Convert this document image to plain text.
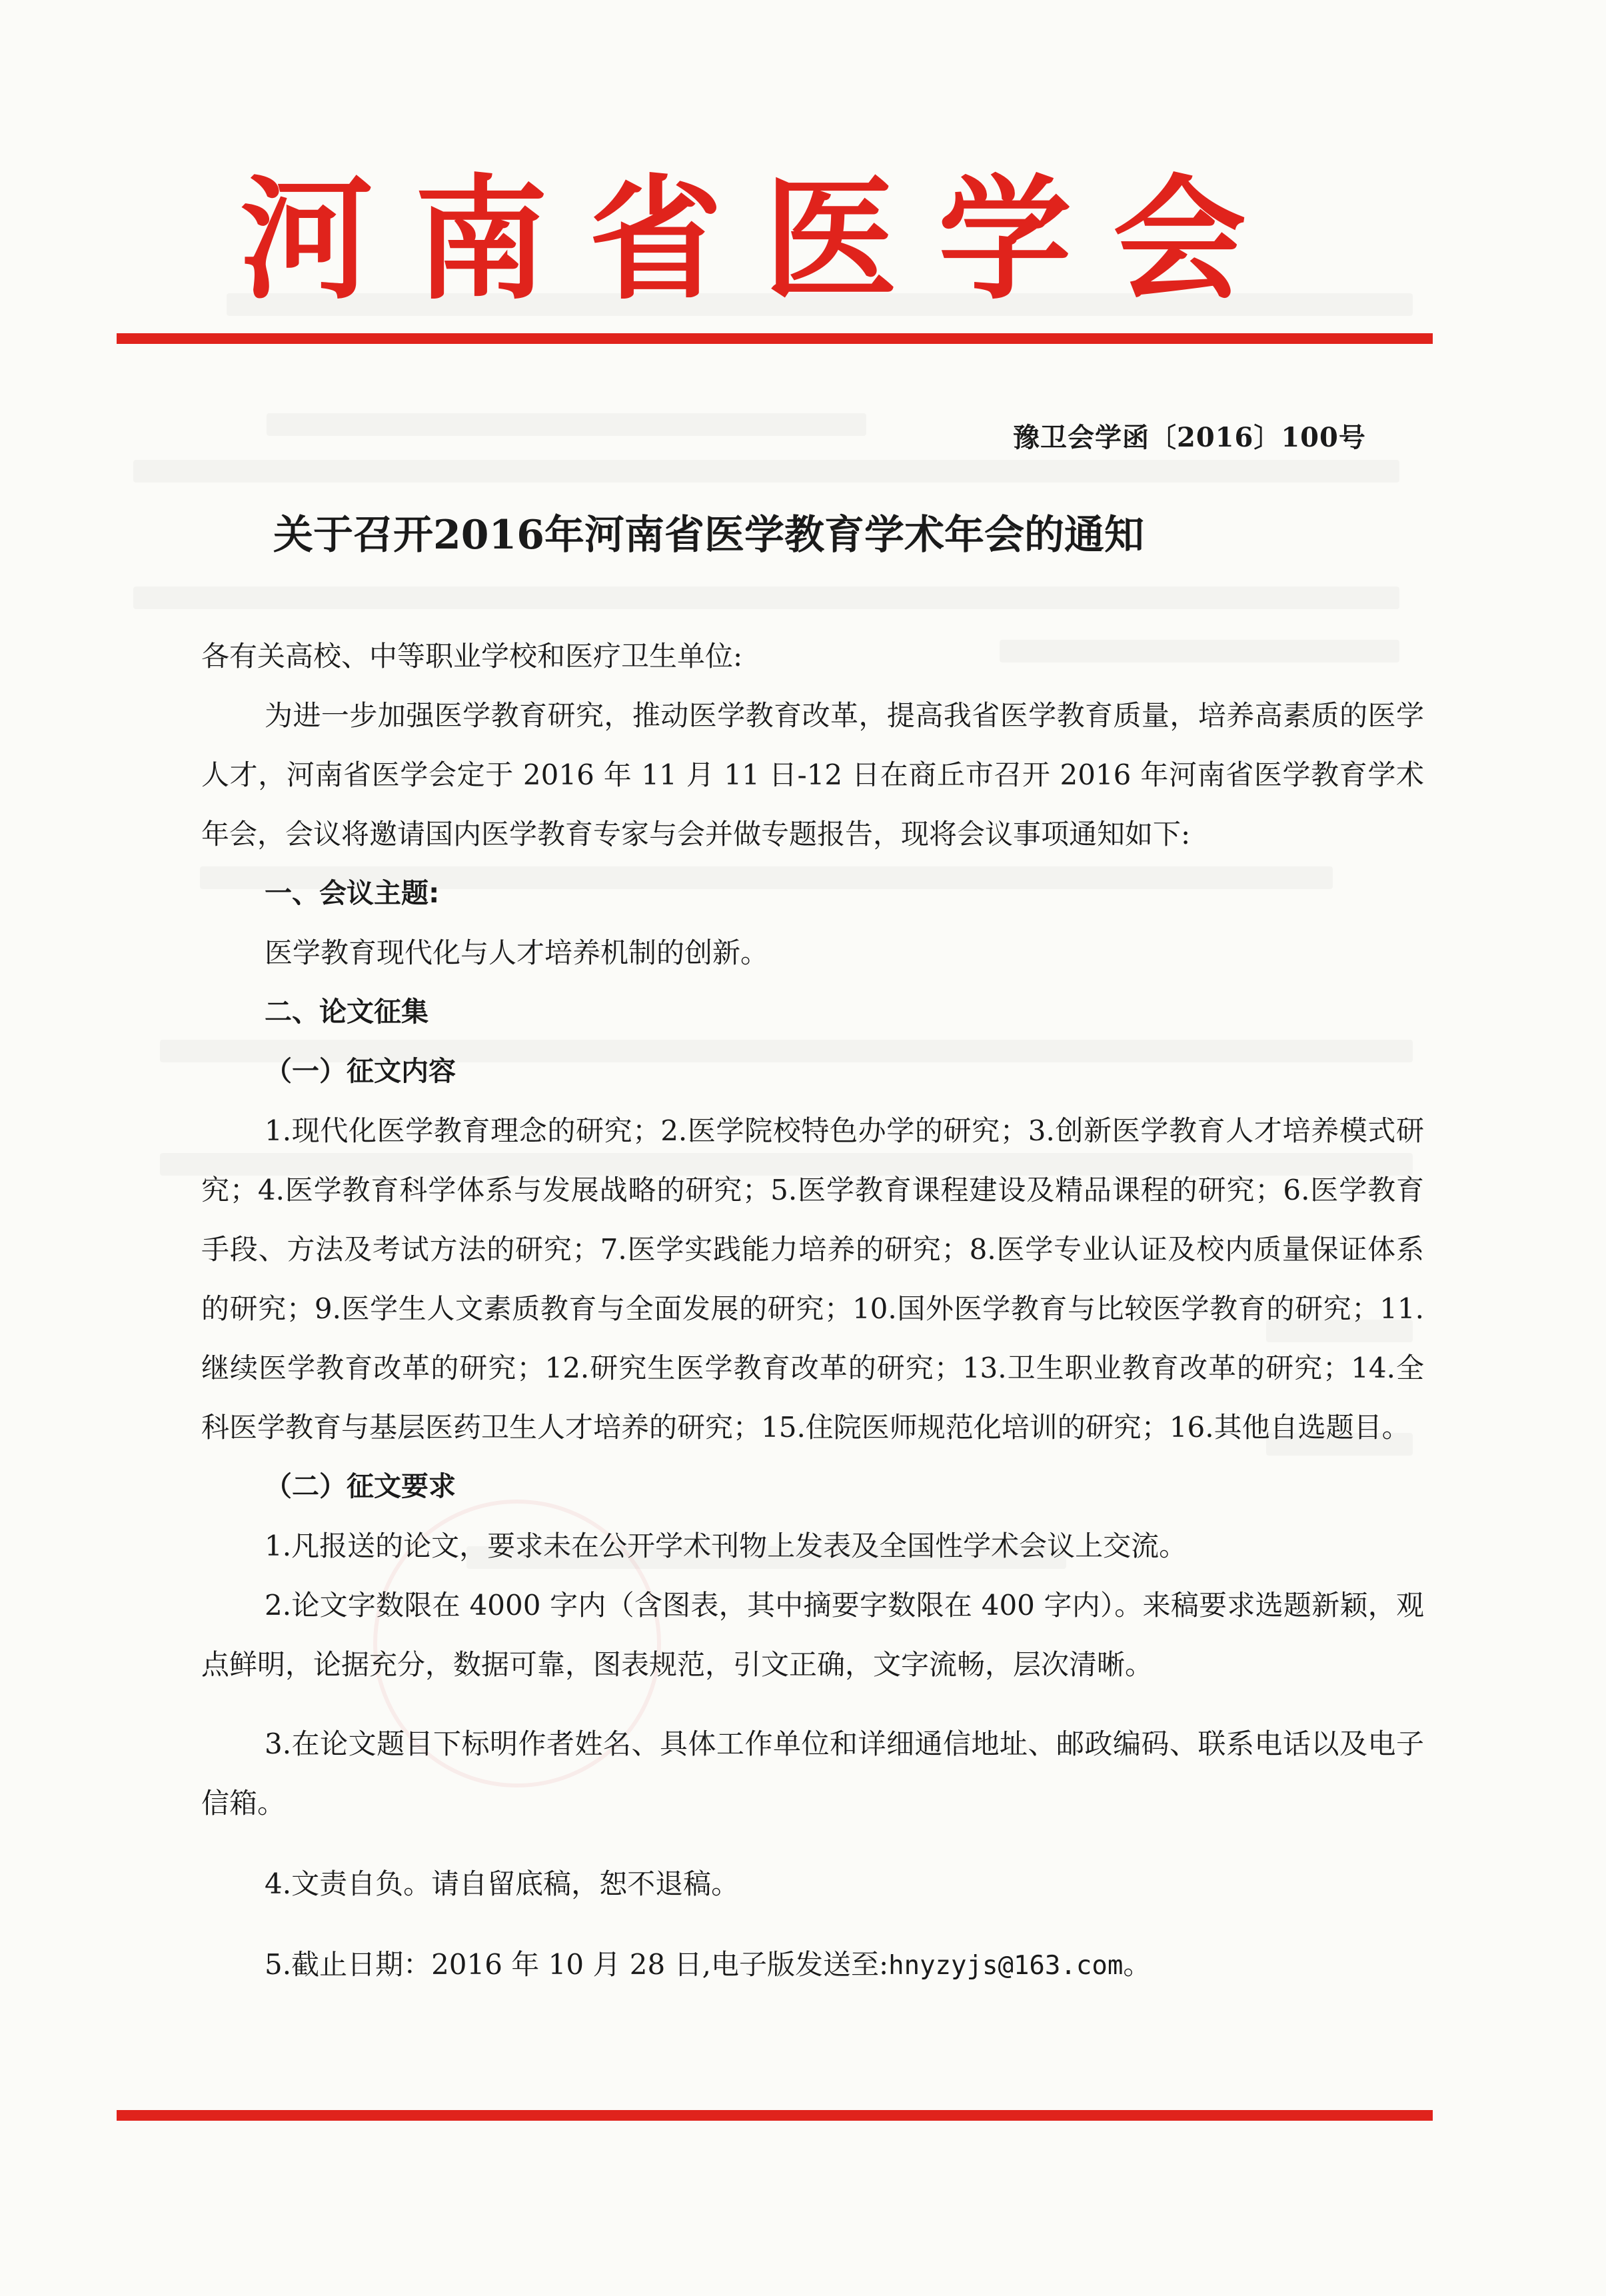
河南省医学会
豫卫会学函〔2016〕100号
关于召开2016年河南省医学教育学术年会的通知

各有关高校、中等职业学校和医疗卫生单位:

为进一步加强医学教育研究，推动医学教育改革，提高我省医学教育质量，培养高素质的医学人才，河南省医学会定于 2016 年 11 月 11 日-12 日在商丘市召开 2016 年河南省医学教育学术年会，会议将邀请国内医学教育专家与会并做专题报告，现将会议事项通知如下:

一、会议主题:

医学教育现代化与人才培养机制的创新。

二、论文征集

（一）征文内容

1.现代化医学教育理念的研究；2.医学院校特色办学的研究；3.创新医学教育人才培养模式研究；4.医学教育科学体系与发展战略的研究；5.医学教育课程建设及精品课程的研究；6.医学教育手段、方法及考试方法的研究；7.医学实践能力培养的研究；8.医学专业认证及校内质量保证体系的研究；9.医学生人文素质教育与全面发展的研究；10.国外医学教育与比较医学教育的研究；11.继续医学教育改革的研究；12.研究生医学教育改革的研究；13.卫生职业教育改革的研究；14.全科医学教育与基层医药卫生人才培养的研究；15.住院医师规范化培训的研究；16.其他自选题目。

（二）征文要求

1.凡报送的论文，要求未在公开学术刊物上发表及全国性学术会议上交流。

2.论文字数限在 4000 字内（含图表，其中摘要字数限在 400 字内）。来稿要求选题新颖，观点鲜明，论据充分，数据可靠，图表规范，引文正确，文字流畅，层次清晰。

3.在论文题目下标明作者姓名、具体工作单位和详细通信地址、邮政编码、联系电话以及电子信箱。

4.文责自负。请自留底稿，恕不退稿。

5.截止日期：2016 年 10 月 28 日,电子版发送至:hnyzyjs@163.com。
